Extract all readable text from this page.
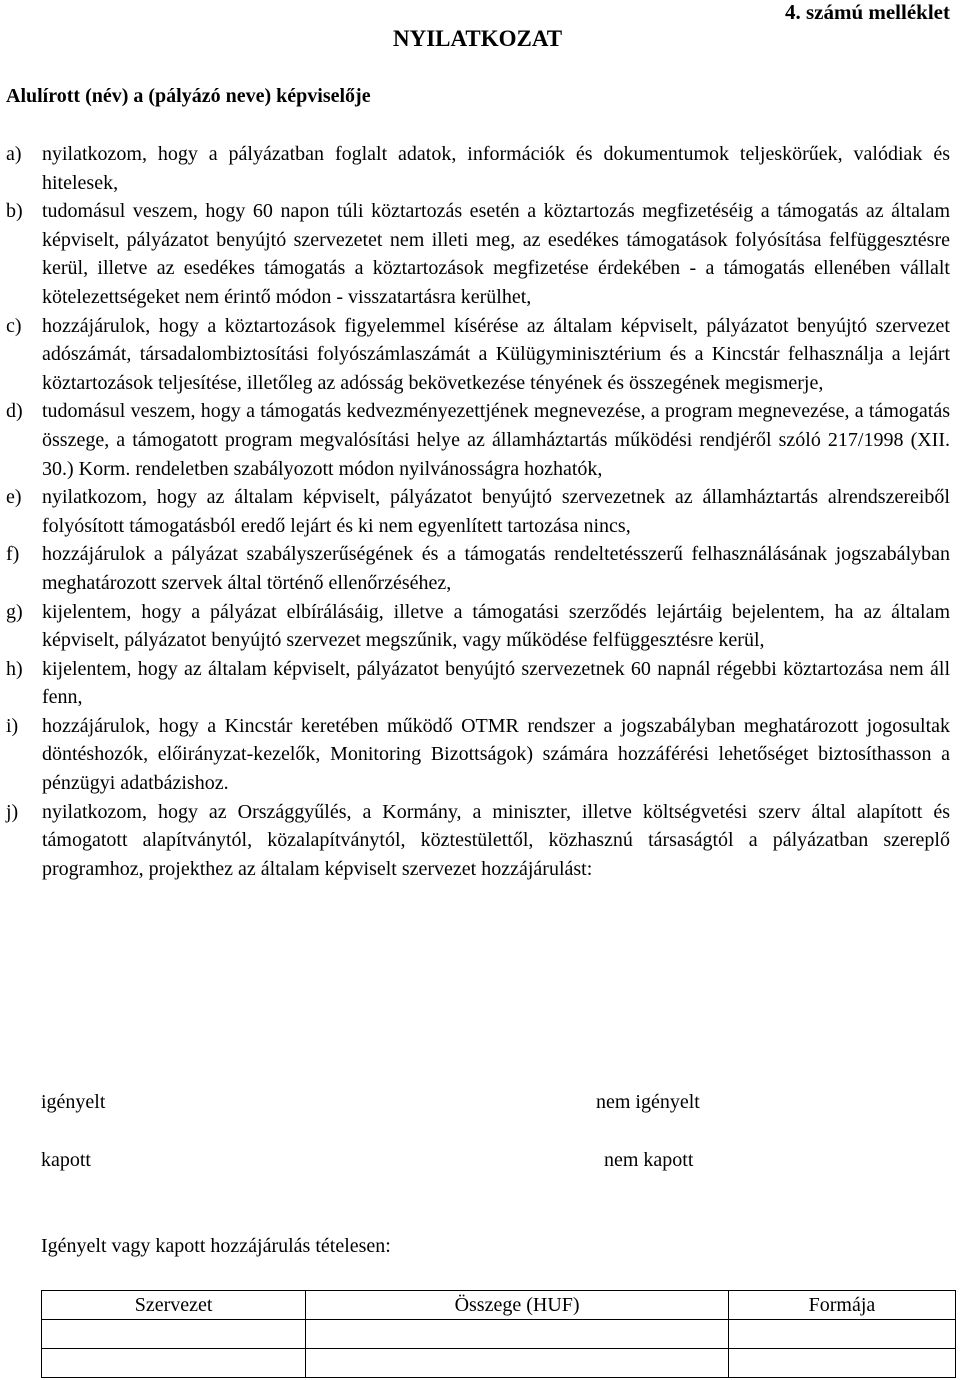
4. számú melléklet
NYILATKOZAT
Alulírott (név) a (pályázó neve) képviselője
a)	nyilatkozom, hogy a pályázatban foglalt adatok, információk és dokumentumok teljeskörűek, valódiak és hitelesek,
b) tudomásul veszem, hogy 60 napon túli köztartozás esetén a köztartozás megfizetéséig a támogatás az általam képviselt, pályázatot benyújtó szervezetet nem illeti meg, az esedékes támogatások folyósítása felfüggesztésre kerül, illetve az esedékes támogatás a köztartozások megfizetése érdekében - a támogatás ellenében vállalt kötelezettségeket nem érintő módon - visszatartásra kerülhet,
c)	hozzájárulok, hogy a köztartozások figyelemmel kísérése az általam képviselt, pályázatot benyújtó szervezet adószámát, társadalombiztosítási folyószámlaszámát a Külügyminisztérium és a Kincstár felhasználja a lejárt köztartozások teljesítése, illetőleg az adósság bekövetkezése tényének és összegének megismerje,
d) tudomásul veszem, hogy a támogatás kedvezményezettjének megnevezése, a program megnevezése, a támogatás összege, a támogatott program megvalósítási helye az államháztartás működési rendjéről szóló 217/1998 (XII. 30.) Korm. rendeletben szabályozott módon nyilvánosságra hozhatók,
e)	nyilatkozom, hogy az általam képviselt, pályázatot benyújtó szervezetnek az államháztartás alrendszereiből folyósított támogatásból eredő lejárt és ki nem egyenlített tartozása nincs,
f)	hozzájárulok a pályázat szabályszerűségének és a támogatás rendeltetésszerű felhasználásának jogszabályban meghatározott szervek által történő ellenőrzéséhez,
g) kijelentem, hogy a pályázat elbírálásáig, illetve a támogatási szerződés lejártáig bejelentem, ha az általam képviselt, pályázatot benyújtó szervezet megszűnik, vagy működése felfüggesztésre kerül,
h) kijelentem, hogy az általam képviselt, pályázatot benyújtó szervezetnek 60 napnál régebbi köztartozása nem áll fenn,
i)	hozzájárulok, hogy a Kincstár keretében működő OTMR rendszer a jogszabályban meghatározott jogosultak döntéshozók, előirányzat-kezelők, Monitoring Bizottságok) számára hozzáférési lehetőséget biztosíthasson a pénzügyi adatbázishoz.
j)	nyilatkozom, hogy az Országgyűlés, a Kormány, a miniszter, illetve költségvetési szerv által alapított és támogatott alapítványtól, közalapítványtól, köztestülettől, közhasznú társaságtól a pályázatban szereplő programhoz, projekthez az általam képviselt szervezet hozzájárulást:
igényelt	nem igényelt
kapott	nem kapott
Igényelt vagy kapott hozzájárulás tételesen:
Szervezet	Összege (HUF)	Formája
